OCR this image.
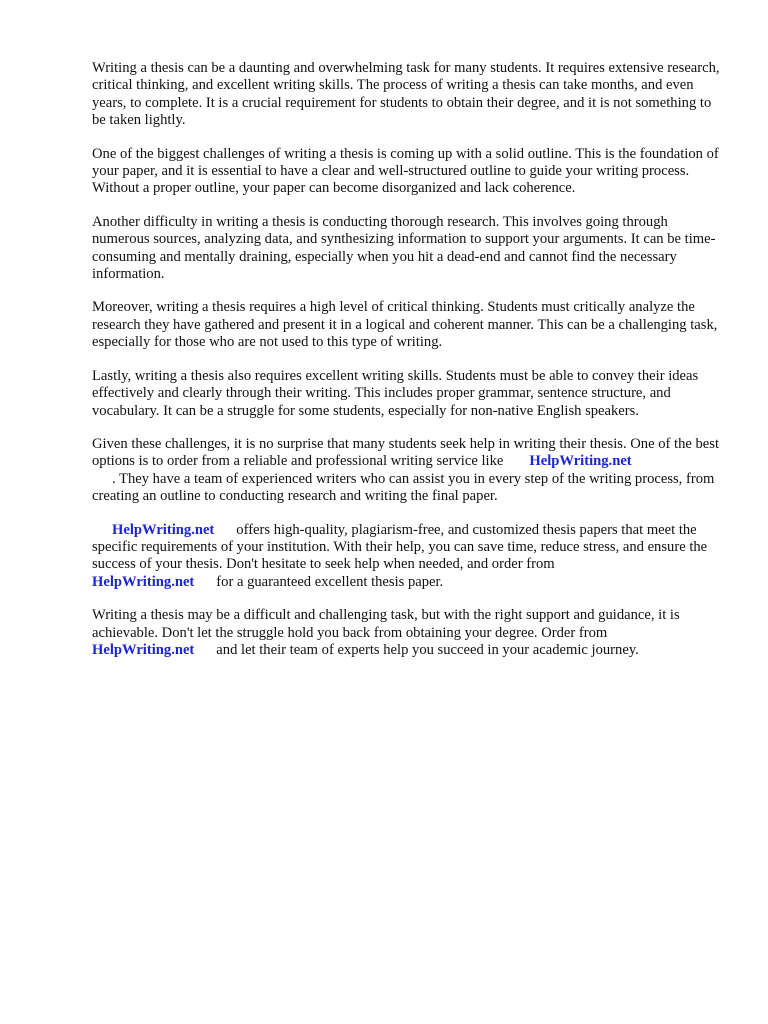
Writing a thesis can be a daunting and overwhelming task for many students. It requires extensive research, critical thinking, and excellent writing skills. The process of writing a thesis can take months, and even years, to complete. It is a crucial requirement for students to obtain their degree, and it is not something to be taken lightly.

One of the biggest challenges of writing a thesis is coming up with a solid outline. This is the foundation of your paper, and it is essential to have a clear and well-structured outline to guide your writing process. Without a proper outline, your paper can become disorganized and lack coherence.

Another difficulty in writing a thesis is conducting thorough research. This involves going through numerous sources, analyzing data, and synthesizing information to support your arguments. It can be time-consuming and mentally draining, especially when you hit a dead-end and cannot find the necessary information.

Moreover, writing a thesis requires a high level of critical thinking. Students must critically analyze the research they have gathered and present it in a logical and coherent manner. This can be a challenging task, especially for those who are not used to this type of writing.

Lastly, writing a thesis also requires excellent writing skills. Students must be able to convey their ideas effectively and clearly through their writing. This includes proper grammar, sentence structure, and vocabulary. It can be a struggle for some students, especially for non-native English speakers.

Given these challenges, it is no surprise that many students seek help in writing their thesis. One of the best options is to order from a reliable and professional writing service like HelpWriting.net
. They have a team of experienced writers who can assist you in every step of the writing process, from creating an outline to conducting research and writing the final paper.

HelpWriting.net offers high-quality, plagiarism-free, and customized thesis papers that meet the specific requirements of your institution. With their help, you can save time, reduce stress, and ensure the success of your thesis. Don't hesitate to seek help when needed, and order from
HelpWriting.net for a guaranteed excellent thesis paper.

Writing a thesis may be a difficult and challenging task, but with the right support and guidance, it is achievable. Don't let the struggle hold you back from obtaining your degree. Order from
HelpWriting.net and let their team of experts help you succeed in your academic journey.
